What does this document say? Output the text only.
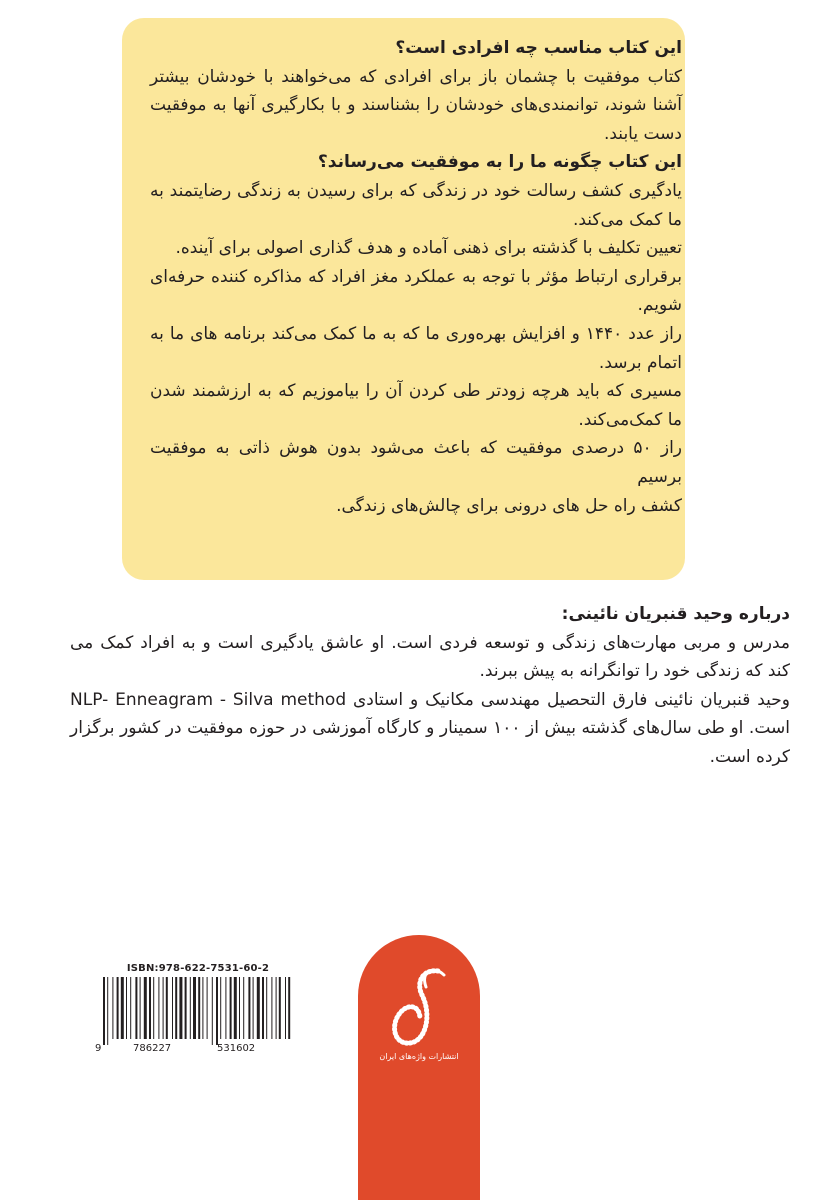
این کتاب مناسب چه افرادی است؟

کتاب موفقیت با چشمان باز برای افرادی که می‌خواهند با خودشان بیشتر آشنا شوند، توانمندی‌های خودشان را بشناسند و با بکارگیری آنها به موفقیت دست یابند.

این کتاب چگونه ما را به موفقیت می‌رساند؟

یادگیری کشف رسالت خود در زندگی که برای رسیدن به زندگی رضایتمند به ما کمک می‌کند.

تعیین تکلیف با گذشته برای ذهنی آماده و هدف گذاری اصولی برای آینده.

برقراری ارتباط مؤثر با توجه به عملکرد مغز افراد که مذاکره کننده حرفه‌ای شویم.

راز عدد ۱۴۴۰ و افزایش بهره‌وری ما که به ما کمک می‌کند برنامه های ما به اتمام برسد.

مسیری که باید هرچه زودتر طی کردن آن را بیاموزیم که به ارزشمند شدن ما کمک‌می‌کند.

راز ۵۰ درصدی موفقیت که باعث می‌شود بدون هوش ذاتی به موفقیت برسیم

کشف راه حل های درونی برای چالش‌های زندگی.

درباره وحید قنبریان نائینی:

مدرس و مربی مهارت‌های زندگی و توسعه فردی است. او عاشق یادگیری است و به افراد کمک می کند که زندگی خود را توانگرانه به پیش ببرند.

وحید قنبریان نائینی فارق التحصیل مهندسی مکانیک و استادی NLP- Enneagram - Silva method است. او طی سال‌های گذشته بیش از ۱۰۰ سمینار و کارگاه آموزشی در حوزه موفقیت در کشور برگزار کرده است.

ISBN:978-622-7531-60-2
9	786227	531602
انتشارات واژه‌های ایران
